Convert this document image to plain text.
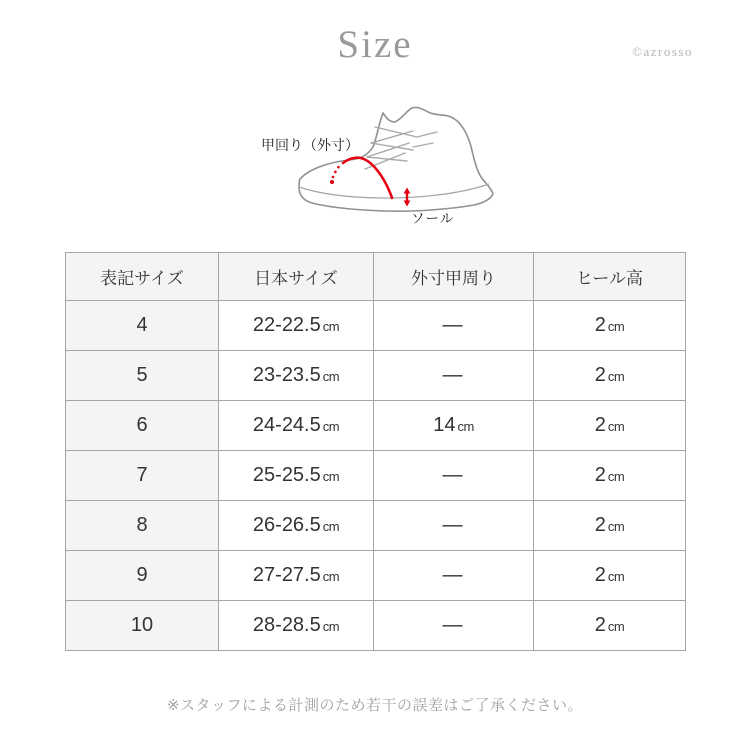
Size	©azrosso
甲回り（外寸）
ソール
表記サイズ	日本サイズ	外寸甲周り	ヒール高
4	22-22.5 cm	—	2 cm
5	23-23.5 cm	—	2 cm
6	24-24.5 cm	14 cm	2 cm
7	25-25.5 cm	—	2 cm
8	26-26.5 cm	—	2 cm
9	27-27.5 cm	—	2 cm
10	28-28.5 cm	—	2 cm
※スタッフによる計測のため若干の誤差はご了承ください。
